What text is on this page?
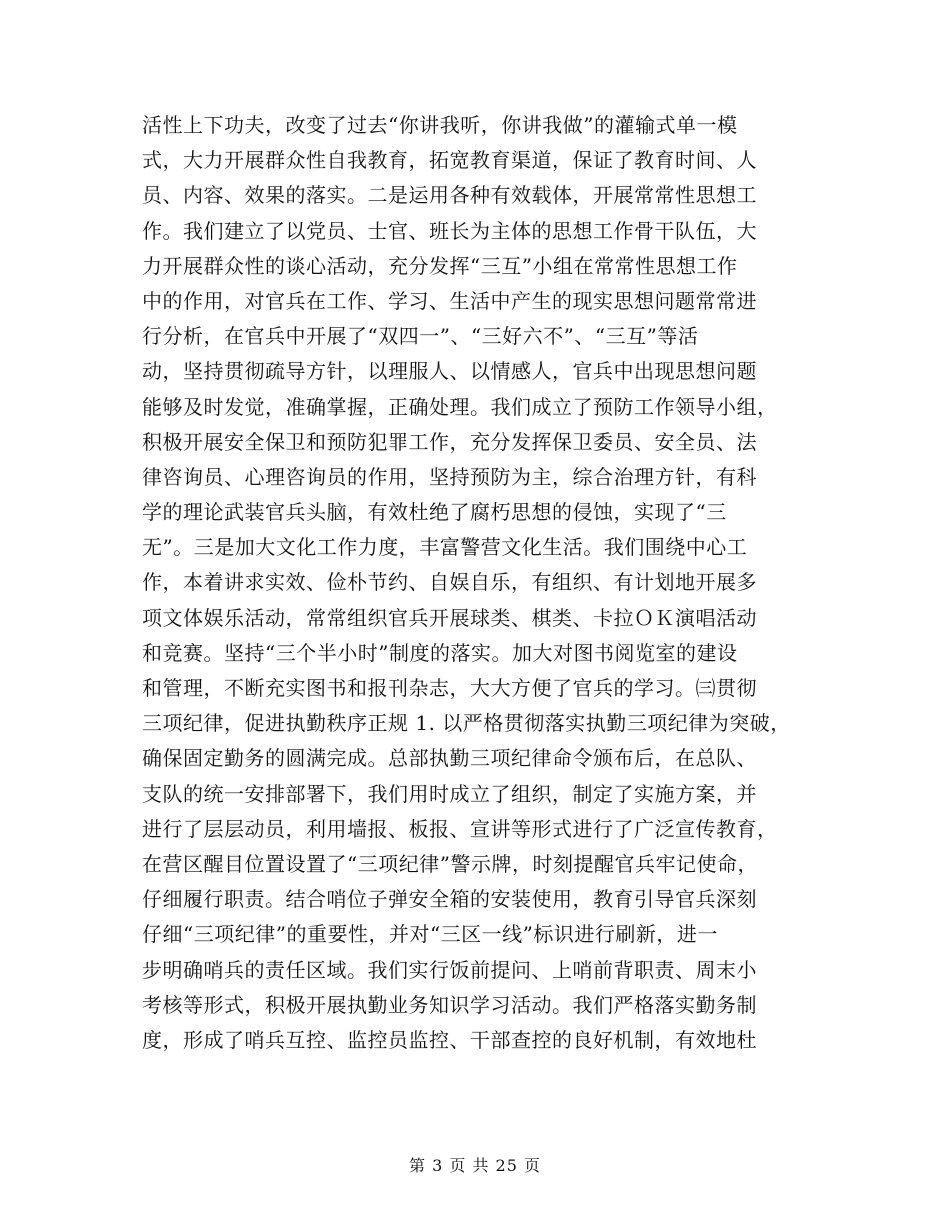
活性上下功夫，改变了过去“你讲我听，你讲我做”的灌输式单一模
式，大力开展群众性自我教育，拓宽教育渠道，保证了教育时间、人
员、内容、效果的落实。二是运用各种有效载体，开展常常性思想工
作。我们建立了以党员、士官、班长为主体的思想工作骨干队伍，大
力开展群众性的谈心活动，充分发挥“三互”小组在常常性思想工作
中的作用，对官兵在工作、学习、生活中产生的现实思想问题常常进
行分析，在官兵中开展了“双四一”、“三好六不”、“三互”等活
动，坚持贯彻疏导方针，以理服人、以情感人，官兵中出现思想问题
能够及时发觉，准确掌握，正确处理。我们成立了预防工作领导小组，
积极开展安全保卫和预防犯罪工作，充分发挥保卫委员、安全员、法
律咨询员、心理咨询员的作用，坚持预防为主，综合治理方针，有科
学的理论武装官兵头脑，有效杜绝了腐朽思想的侵蚀，实现了“三
无”。三是加大文化工作力度，丰富警营文化生活。我们围绕中心工
作，本着讲求实效、俭朴节约、自娱自乐，有组织、有计划地开展多
项文体娱乐活动，常常组织官兵开展球类、棋类、卡拉ＯＫ演唱活动
和竞赛。坚持“三个半小时”制度的落实。加大对图书阅览室的建设
和管理，不断充实图书和报刊杂志，大大方便了官兵的学习。㈢贯彻
三项纪律，促进执勤秩序正规 1. 以严格贯彻落实执勤三项纪律为突破，
确保固定勤务的圆满完成。总部执勤三项纪律命令颁布后，在总队、
支队的统一安排部署下，我们用时成立了组织，制定了实施方案，并
进行了层层动员，利用墙报、板报、宣讲等形式进行了广泛宣传教育，
在营区醒目位置设置了“三项纪律”警示牌，时刻提醒官兵牢记使命，
仔细履行职责。结合哨位子弹安全箱的安装使用，教育引导官兵深刻
仔细“三项纪律”的重要性，并对“三区一线”标识进行刷新，进一
步明确哨兵的责任区域。我们实行饭前提问、上哨前背职责、周末小
考核等形式，积极开展执勤业务知识学习活动。我们严格落实勤务制
度，形成了哨兵互控、监控员监控、干部查控的良好机制，有效地杜
第 3 页 共 25 页
